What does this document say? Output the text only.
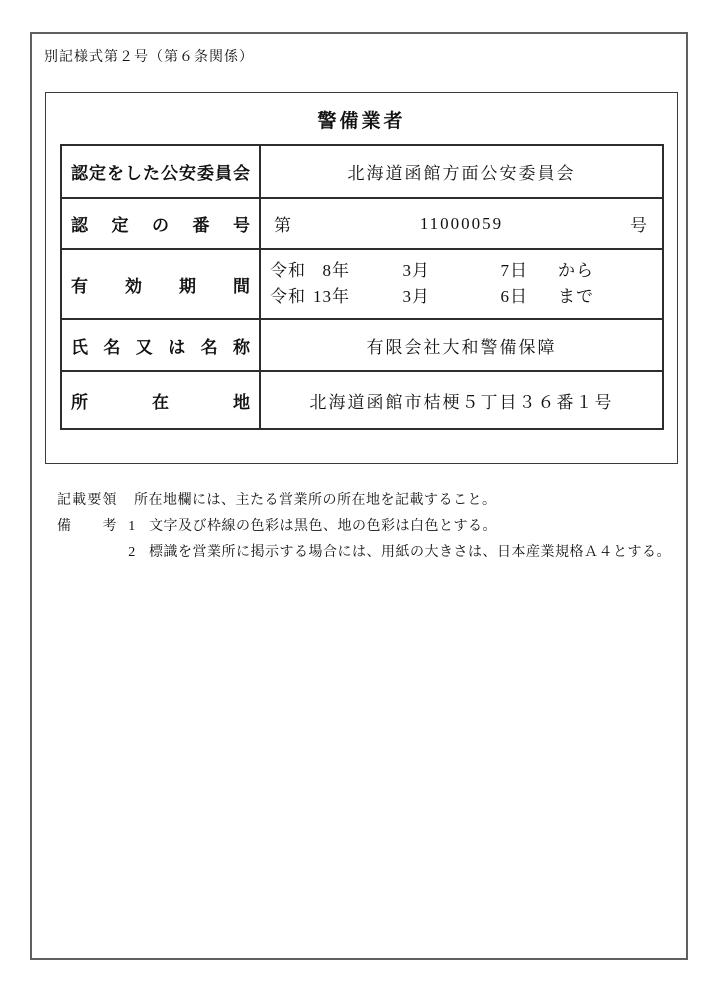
別記様式第２号（第６条関係）
警備業者
認定をした公安委員会	北海道函館方面公安委員会
認定の番号 第	11000059	号
有効期間
令和 8 年	3 月	7 日 から
令和 13 年	3 月	6 日 まで
氏名又は名称	有限会社大和警備保障
所在地	北海道函館市桔梗５丁目３６番１号
記載要領 所在地欄には、主たる営業所の所在地を記載すること。
備考 1 文字及び枠線の色彩は黒色、地の色彩は白色とする。
2 標識を営業所に掲示する場合には、用紙の大きさは、日本産業規格Ａ４とする。
